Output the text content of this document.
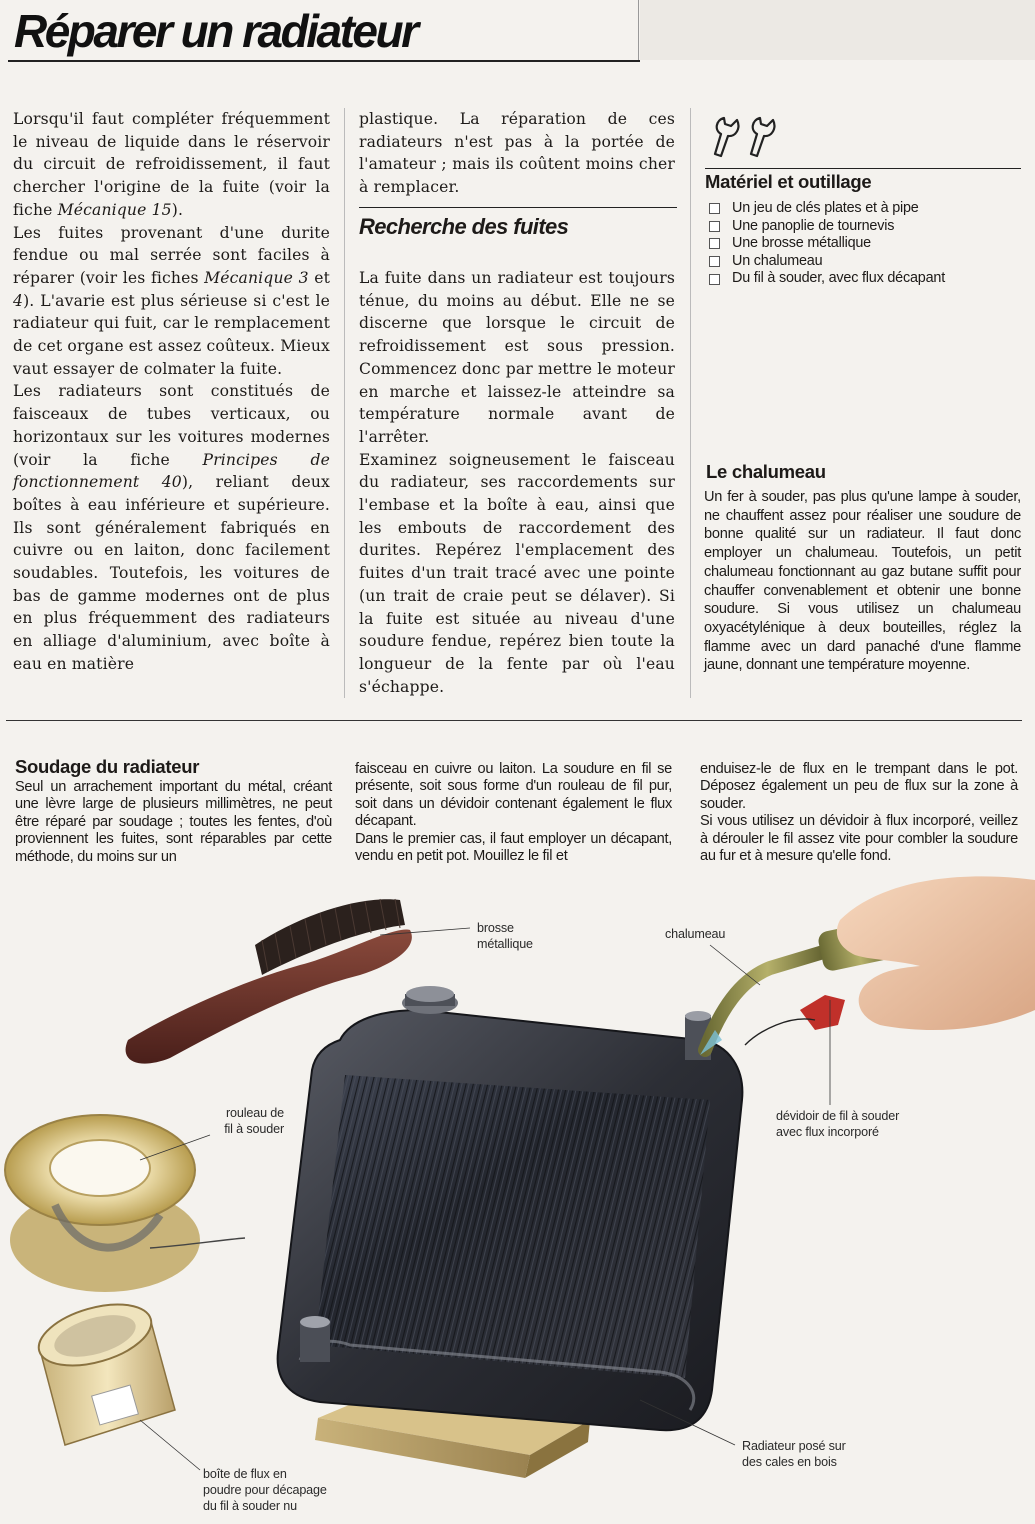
Réparer un radiateur

Lorsqu'il faut compléter fréquemment le niveau de liquide dans le réservoir du circuit de refroidissement, il faut chercher l'origine de la fuite (voir la fiche Mécanique 15).

Les fuites provenant d'une durite fendue ou mal serrée sont faciles à réparer (voir les fiches Mécanique 3 et 4). L'avarie est plus sérieuse si c'est le radiateur qui fuit, car le remplacement de cet organe est assez coûteux. Mieux vaut essayer de colmater la fuite.

Les radiateurs sont constitués de faisceaux de tubes verticaux, ou horizontaux sur les voitures modernes (voir la fiche Principes de fonctionnement 40), reliant deux boîtes à eau inférieure et supérieure. Ils sont généralement fabriqués en cuivre ou en laiton, donc facilement soudables. Toutefois, les voitures de bas de gamme modernes ont de plus en plus fréquemment des radiateurs en alliage d'aluminium, avec boîte à eau en matière

plastique. La réparation de ces radiateurs n'est pas à la portée de l'amateur ; mais ils coûtent moins cher à remplacer.

Recherche des fuites

La fuite dans un radiateur est toujours ténue, du moins au début. Elle ne se discerne que lorsque le circuit de refroidissement est sous pression. Commencez donc par mettre le moteur en marche et laissez-le atteindre sa température normale avant de l'arrêter.

Examinez soigneusement le faisceau du radiateur, ses raccordements sur l'embase et la boîte à eau, ainsi que les embouts de raccordement des durites. Repérez l'emplacement des fuites d'un trait tracé avec une pointe (un trait de craie peut se délaver). Si la fuite est située au niveau d'une soudure fendue, repérez bien toute la longueur de la fente par où l'eau s'échappe.

Matériel et outillage
Un jeu de clés plates et à pipe
Une panoplie de tournevis
Une brosse métallique
Un chalumeau
Du fil à souder, avec flux décapant
Le chalumeau

Un fer à souder, pas plus qu'une lampe à souder, ne chauffent assez pour réaliser une soudure de bonne qualité sur un radiateur. Il faut donc employer un chalumeau. Toutefois, un petit chalumeau fonctionnant au gaz butane suffit pour chauffer convenablement et obtenir une bonne soudure. Si vous utilisez un chalumeau oxyacétylénique à deux bouteilles, réglez la flamme avec un dard panaché d'une flamme jaune, donnant une température moyenne.

Soudage du radiateur

Seul un arrachement important du métal, créant une lèvre large de plusieurs millimètres, ne peut être réparé par soudage ; toutes les fentes, d'où proviennent les fuites, sont réparables par cette méthode, du moins sur un

faisceau en cuivre ou laiton. La soudure en fil se présente, soit sous forme d'un rouleau de fil pur, soit dans un dévidoir contenant également le flux décapant.

Dans le premier cas, il faut employer un décapant, vendu en petit pot. Mouillez le fil et

enduisez-le de flux en le trempant dans le pot. Déposez également un peu de flux sur la zone à souder.

Si vous utilisez un dévidoir à flux incorporé, veillez à dérouler le fil assez vite pour combler la soudure au fur et à mesure qu'elle fond.

brosse
métallique
chalumeau
rouleau de
fil à souder
dévidoir de fil à souder
avec flux incorporé
boîte de flux en
poudre pour décapage
du fil à souder nu
Radiateur posé sur
des cales en bois
